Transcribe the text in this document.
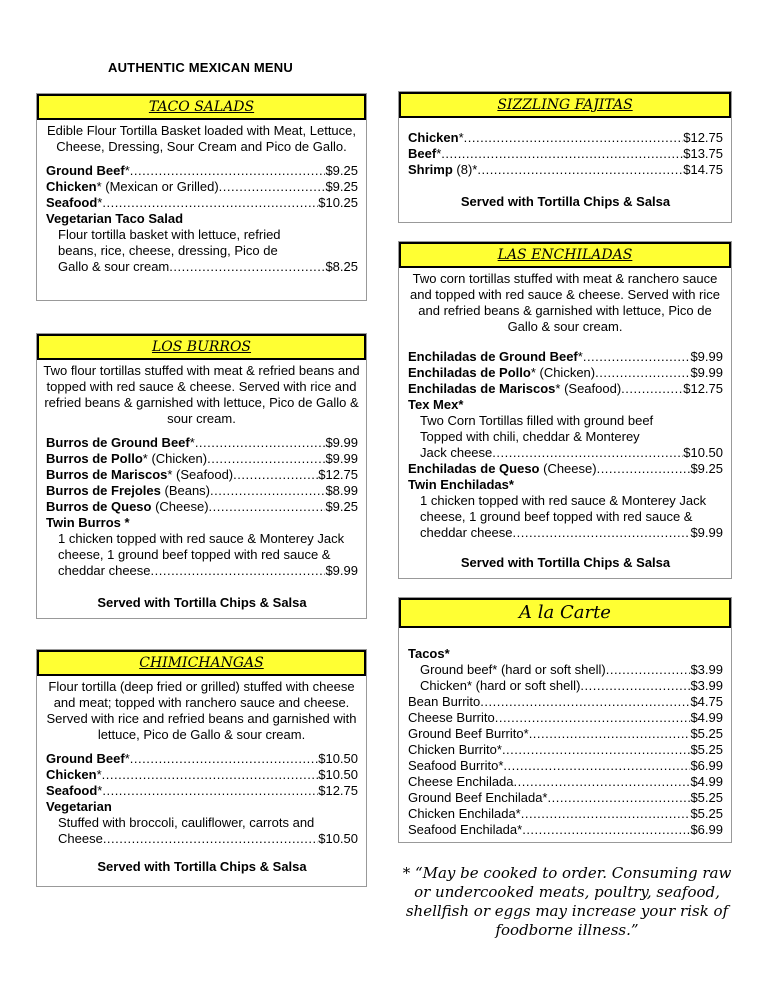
AUTHENTIC MEXICAN MENU
TACO SALADS
Edible Flour Tortilla Basket loaded with Meat, Lettuce, Cheese, Dressing, Sour Cream and Pico de Gallo.
Ground Beef* .....	$9.25
Chicken* (Mexican or Grilled) .....	$9.25
Seafood* .....	$10.25
Vegetarian Taco Salad
Flour tortilla basket with lettuce, refried
beans, rice, cheese, dressing, Pico de
Gallo & sour cream .....	$8.25
LOS BURROS
Two flour tortillas stuffed with meat & refried beans and topped with red sauce & cheese. Served with rice and refried beans & garnished with lettuce, Pico de Gallo & sour cream.
Burros de Ground Beef* .....	$9.99
Burros de Pollo* (Chicken) .....	$9.99
Burros de Mariscos* (Seafood) .....	$12.75
Burros de Frejoles (Beans) .....	$8.99
Burros de Queso (Cheese) .....	$9.25
Twin Burros *
1 chicken topped with red sauce & Monterey Jack
cheese, 1 ground beef topped with red sauce &
cheddar cheese .....	$9.99
Served with Tortilla Chips & Salsa
CHIMICHANGAS
Flour tortilla (deep fried or grilled) stuffed with cheese and meat; topped with ranchero sauce and cheese. Served with rice and refried beans and garnished with lettuce, Pico de Gallo & sour cream.
Ground Beef* .....	$10.50
Chicken* .....	$10.50
Seafood* .....	$12.75
Vegetarian
Stuffed with broccoli, cauliflower, carrots and
Cheese .....	$10.50
Served with Tortilla Chips & Salsa
SIZZLING FAJITAS
Chicken* .....	$12.75
Beef* .....	$13.75
Shrimp (8)* .....	$14.75
Served with Tortilla Chips & Salsa
LAS ENCHILADAS
Two corn tortillas stuffed with meat & ranchero sauce and topped with red sauce & cheese. Served with rice and refried beans & garnished with lettuce, Pico de Gallo & sour cream.
Enchiladas de Ground Beef* .....	$9.99
Enchiladas de Pollo* (Chicken) .....	$9.99
Enchiladas de Mariscos* (Seafood) .....	$12.75
Tex Mex*
Two Corn Tortillas filled with ground beef
Topped with chili, cheddar & Monterey
Jack cheese .....	$10.50
Enchiladas de Queso (Cheese) .....	$9.25
Twin Enchiladas*
1 chicken topped with red sauce & Monterey Jack
cheese, 1 ground beef topped with red sauce &
cheddar cheese .....	$9.99
Served with Tortilla Chips & Salsa
A la Carte
Tacos*
Ground beef* (hard or soft shell) .....	$3.99
Chicken* (hard or soft shell) .....	$3.99
Bean Burrito .....	$4.75
Cheese Burrito .....	$4.99
Ground Beef Burrito* .....	$5.25
Chicken Burrito* .....	$5.25
Seafood Burrito* .....	$6.99
Cheese Enchilada .....	$4.99
Ground Beef Enchilada* .....	$5.25
Chicken Enchilada* .....	$5.25
Seafood Enchilada* .....	$6.99
* “May be cooked to order. Consuming raw or undercooked meats, poultry, seafood, shellfish or eggs may increase your risk of foodborne illness.”
